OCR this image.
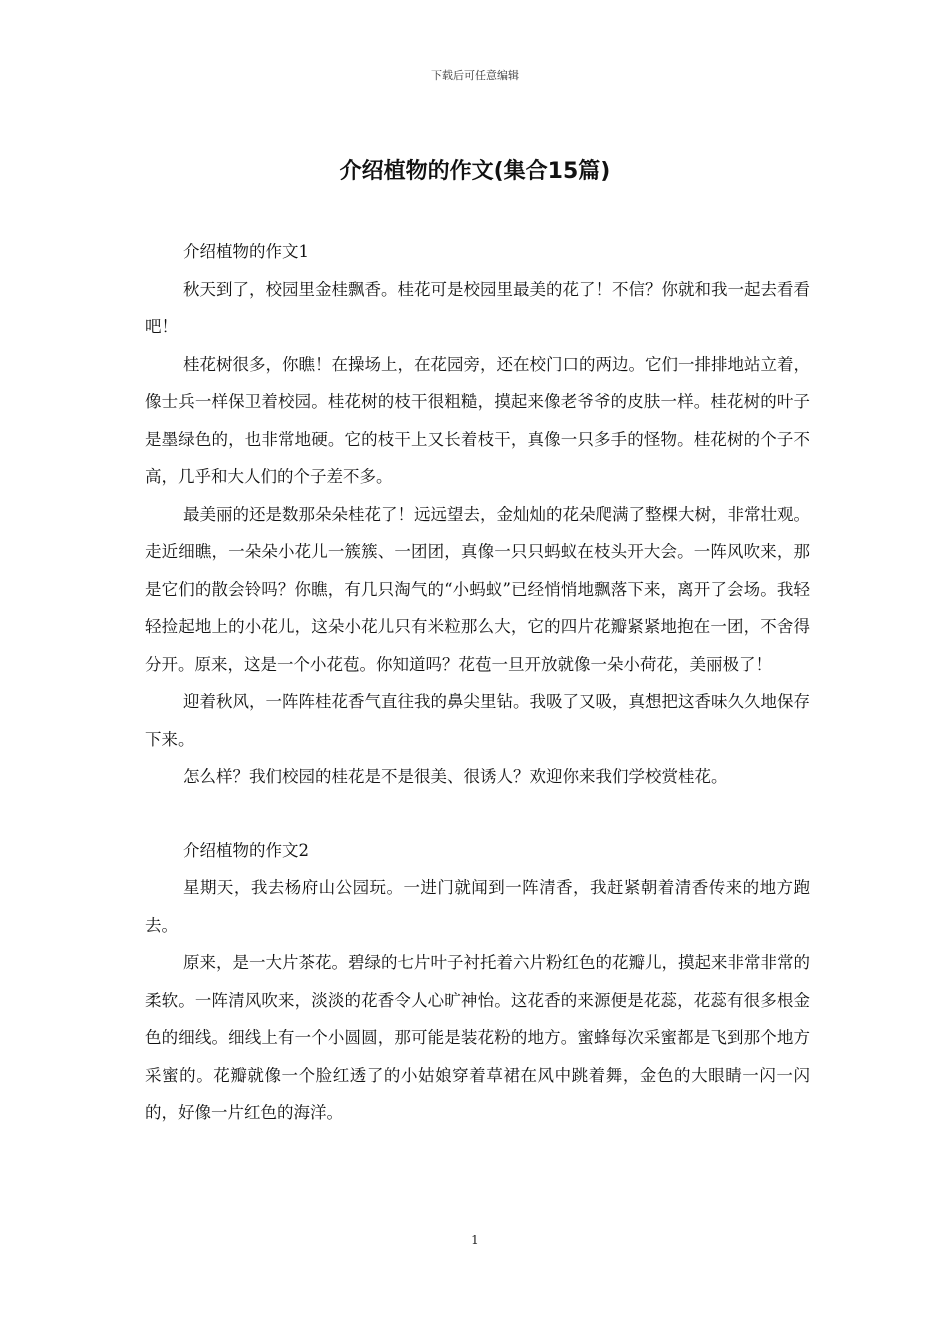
下载后可任意编辑
介绍植物的作文(集合15篇)

介绍植物的作文1

秋天到了，校园里金桂飘香。桂花可是校园里最美的花了！不信？你就和我一起去看看吧！

桂花树很多，你瞧！在操场上，在花园旁，还在校门口的两边。它们一排排地站立着，像士兵一样保卫着校园。桂花树的枝干很粗糙，摸起来像老爷爷的皮肤一样。桂花树的叶子是墨绿色的，也非常地硬。它的枝干上又长着枝干，真像一只多手的怪物。桂花树的个子不高，几乎和大人们的个子差不多。

最美丽的还是数那朵朵桂花了！远远望去，金灿灿的花朵爬满了整棵大树，非常壮观。走近细瞧，一朵朵小花儿一簇簇、一团团，真像一只只蚂蚁在枝头开大会。一阵风吹来，那是它们的散会铃吗？你瞧，有几只淘气的“小蚂蚁”已经悄悄地飘落下来，离开了会场。我轻轻捡起地上的小花儿，这朵小花儿只有米粒那么大，它的四片花瓣紧紧地抱在一团，不舍得分开。原来，这是一个小花苞。你知道吗？花苞一旦开放就像一朵小荷花，美丽极了！

迎着秋风，一阵阵桂花香气直往我的鼻尖里钻。我吸了又吸，真想把这香味久久地保存下来。

怎么样？我们校园的桂花是不是很美、很诱人？欢迎你来我们学校赏桂花。

介绍植物的作文2

星期天，我去杨府山公园玩。一进门就闻到一阵清香，我赶紧朝着清香传来的地方跑去。

原来，是一大片茶花。碧绿的七片叶子衬托着六片粉红色的花瓣儿，摸起来非常非常的柔软。一阵清风吹来，淡淡的花香令人心旷神怡。这花香的来源便是花蕊，花蕊有很多根金色的细线。细线上有一个小圆圆，那可能是装花粉的地方。蜜蜂每次采蜜都是飞到那个地方采蜜的。花瓣就像一个脸红透了的小姑娘穿着草裙在风中跳着舞，金色的大眼睛一闪一闪的，好像一片红色的海洋。

1
